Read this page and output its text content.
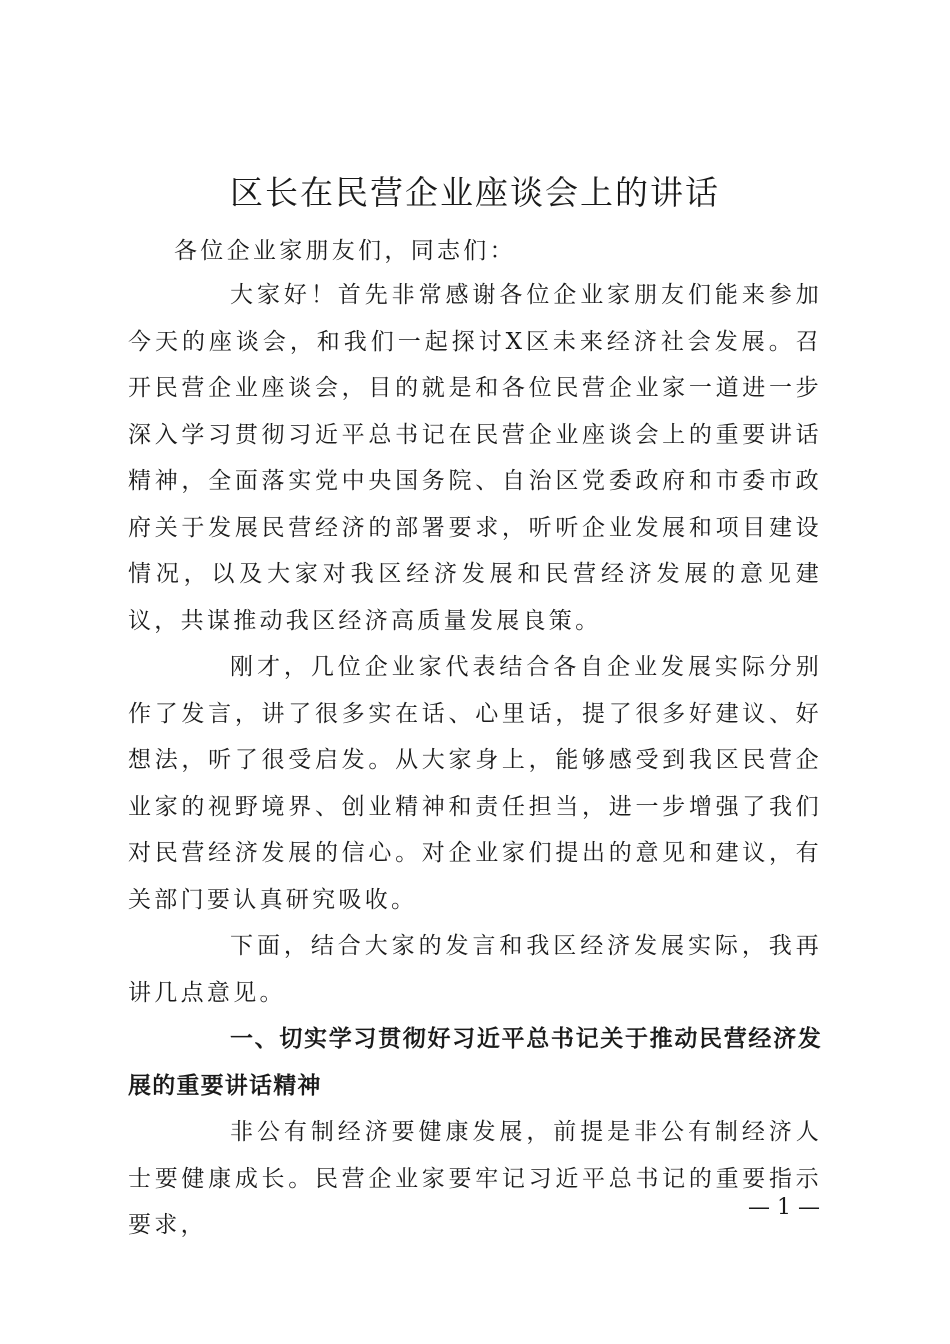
区长在民营企业座谈会上的讲话

各位企业家朋友们，同志们：

大家好！首先非常感谢各位企业家朋友们能来参加今天的座谈会，和我们一起探讨X区未来经济社会发展。召开民营企业座谈会，目的就是和各位民营企业家一道进一步深入学习贯彻习近平总书记在民营企业座谈会上的重要讲话精神，全面落实党中央国务院、自治区党委政府和市委市政府关于发展民营经济的部署要求，听听企业发展和项目建设情况，以及大家对我区经济发展和民营经济发展的意见建议，共谋推动我区经济高质量发展良策。

刚才，几位企业家代表结合各自企业发展实际分别作了发言，讲了很多实在话、心里话，提了很多好建议、好想法，听了很受启发。从大家身上，能够感受到我区民营企业家的视野境界、创业精神和责任担当，进一步增强了我们对民营经济发展的信心。对企业家们提出的意见和建议，有关部门要认真研究吸收。

下面，结合大家的发言和我区经济发展实际，我再讲几点意见。

一、切实学习贯彻好习近平总书记关于推动民营经济发展的重要讲话精神

非公有制经济要健康发展，前提是非公有制经济人士要健康成长。民营企业家要牢记习近平总书记的重要指示要求，

— 1 —
